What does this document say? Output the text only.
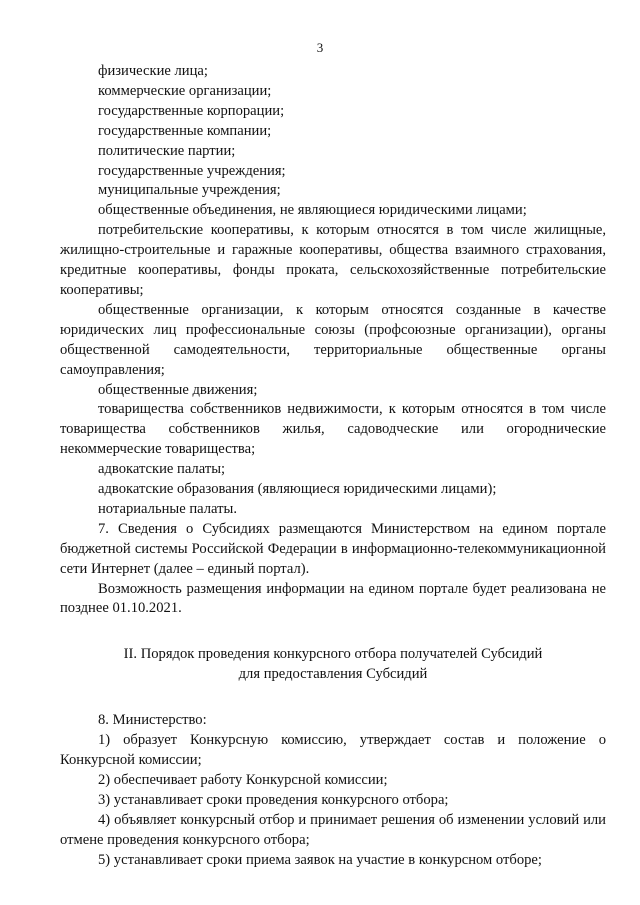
3

физические лица;

коммерческие организации;

государственные корпорации;

государственные компании;

политические партии;

государственные учреждения;

муниципальные учреждения;

общественные объединения, не являющиеся юридическими лицами;

потребительские кооперативы, к которым относятся в том числе жилищные, жилищно-строительные и гаражные кооперативы, общества взаимного страхования, кредитные кооперативы, фонды проката, сельскохозяйственные потребительские кооперативы;

общественные организации, к которым относятся созданные в качестве юридических лиц профессиональные союзы (профсоюзные организации), органы общественной самодеятельности, территориальные общественные органы самоуправления;

общественные движения;

товарищества собственников недвижимости, к которым относятся в том числе товарищества собственников жилья, садоводческие или огороднические некоммерческие товарищества;

адвокатские палаты;

адвокатские образования (являющиеся юридическими лицами);

нотариальные палаты.

7. Сведения о Субсидиях размещаются Министерством на едином портале бюджетной системы Российской Федерации в информационно-телекоммуникационной сети Интернет (далее – единый портал).

Возможность размещения информации на едином портале будет реализована не позднее 01.10.2021.

II. Порядок проведения конкурсного отбора получателей Субсидий
для предоставления Субсидий

8. Министерство:

1) образует Конкурсную комиссию, утверждает состав и положение о Конкурсной комиссии;

2) обеспечивает работу Конкурсной комиссии;

3) устанавливает сроки проведения конкурсного отбора;

4) объявляет конкурсный отбор и принимает решения об изменении условий или отмене проведения конкурсного отбора;

5) устанавливает сроки приема заявок на участие в конкурсном отборе;
